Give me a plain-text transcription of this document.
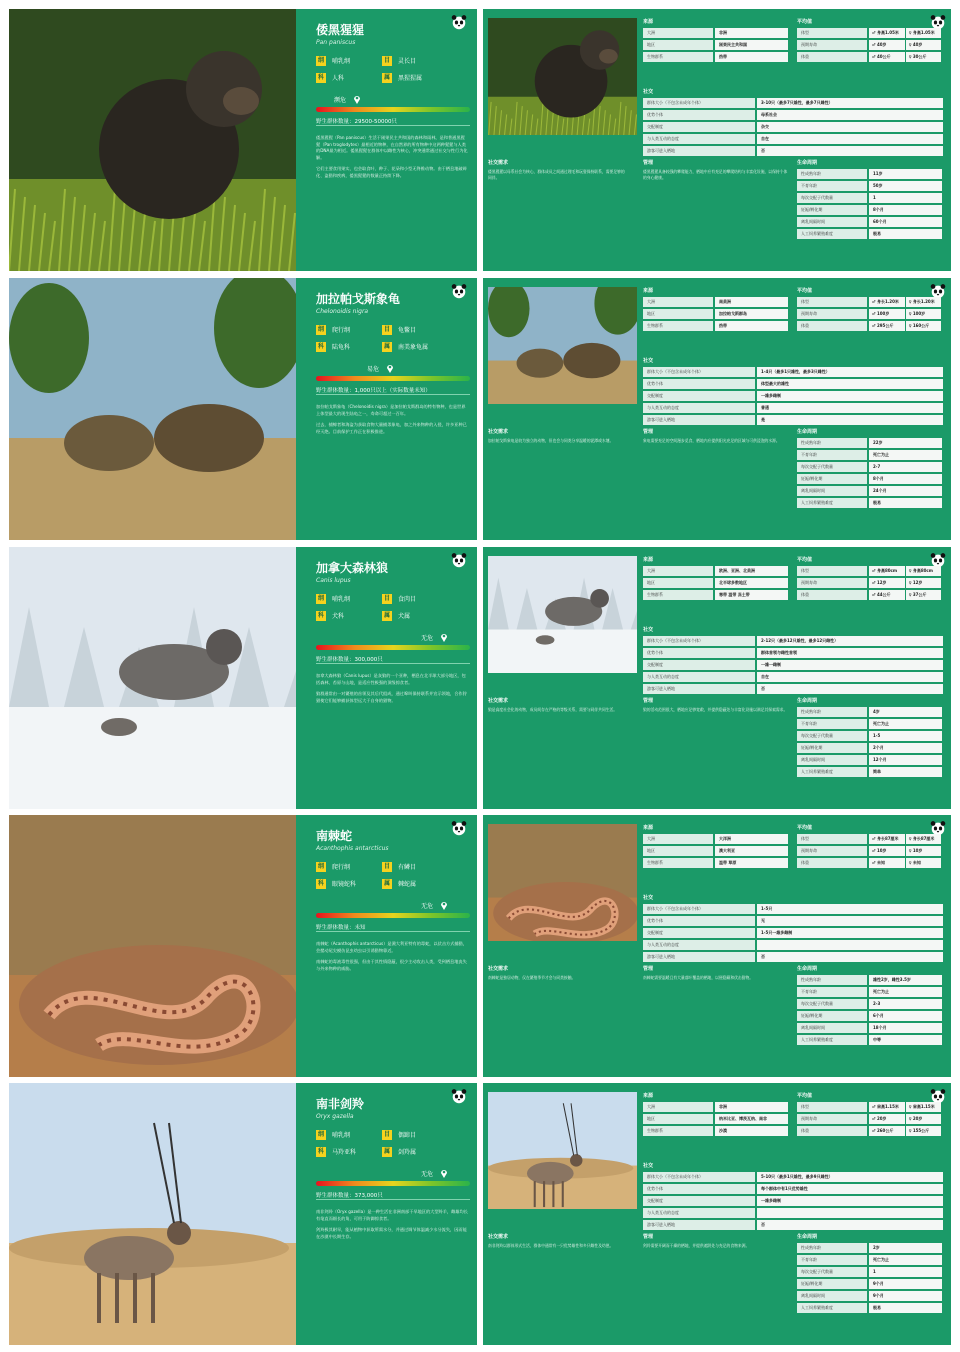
倭黑猩猩
Pan paniscus
纲	哺乳纲	目	灵长目
科	人科	属	黑猩猩属
濒危
野生群体数量：29500-50000只

倭黑猩猩（Pan paniscus）生活于刚果民主共和国的森林和雨林，是和普通黑猩猩（Pan troglodytes）最相近的物种，在自然界的所有物种中这两种猩猩与人类的DNA最为相近。倭黑猩猩在群体中以雌性为核心，冲突通常通过社交与性行为化解。

它们主要食用果实，也会取食叶、种子、花朵和小型无脊椎动物。由于栖息地破碎化、盗猎和疾病，倭黑猩猩的数量正持续下降。

来源
大洲	非洲
地区	刚果民主共和国
生物群系	热带
平均值
体型	♂ 身高1.05米	♀ 身高1.05米
预期寿命	♂ 40岁	♀ 40岁
体重	♂ 40公斤	♀ 30公斤
社交
群体大小（不包含未成年个体）	3-10只（最多7只雄性，最多7只雌性）
优势个体	母系社会
交配制度	杂交
与人类互动的态度	自在
游客可进入栖地	否
社交需求
倭黑猩猩以母系社会为核心，群体成员之间通过理毛和玩耍保持联系，需要足够的同伴。
管理
倭黑猩猩具备较强的攀爬能力，栖地中应有充足的攀爬结构与丰富化设施，以保持个体的身心健康。
生命周期
性成熟年龄	11岁
不育年龄	50岁
每次交配子代数量	1
妊娠/孵化期	8个月
离乳间隔时间	60个月
人工饲养繁殖难度	极易
加拉帕戈斯象龟
Chelonoidis nigra
纲	爬行纲	目	龟鳖目
科	陆龟科	属	南美象龟属
易危
野生群体数量：1,000只以上（实际数量未知）

加拉帕戈斯象龟（Chelonoidis nigra）是加拉帕戈斯群岛的特有物种，也是世界上体型最大的现生陆龟之一，寿命可超过一百年。

过去，捕鲸者和海盗为获取食物大量捕杀象龟，加之外来物种的入侵，许多亚种已经灭绝。目前保护工作正在积极推进。

来源
大洲	南美洲
地区	加拉帕戈斯群岛
生物群系	热带
平均值
体型	♂ 身长1.20米	♀ 身长1.20米
预期寿命	♂ 100岁	♀ 100岁
体重	♂ 295公斤	♀ 160公斤
社交
群体大小（不包含未成年个体）	1-4只（最多1只雄性，最多3只雌性）
优势个体	体型最大的雄性
交配制度	一雄多雌制
与人类互动的态度	普通
游客可进入栖地	是
社交需求
加拉帕戈斯象龟是较为独立的动物，但也会与同类分享温暖的泥潭或水塘。
管理
象龟需要充足的空间漫步觅食，栖地内应提供阳光充足的区域与可供浸泡的水源。
生命周期
性成熟年龄	22岁
不育年龄	死亡为止
每次交配子代数量	2-7
妊娠/孵化期	8个月
离乳间隔时间	24个月
人工饲养繁殖难度	极易
加拿大森林狼
Canis lupus
纲	哺乳纲	目	食肉目
科	犬科	属	犬属
无危
野生群体数量：300,000只

加拿大森林狼（Canis lupus）是灰狼的一个亚种，栖息在北半球大部分地区，包括森林、苔原与山地，是适应性极强的顶级掠食者。

狼群通常由一对繁殖的首领及其后代组成，通过嗥叫保持联系并宣示领地，合作狩猎使它们能够捕获体型远大于自身的猎物。

来源
大洲	欧洲、亚洲、北美洲
地区	北半球多数地区
生物群系	寒带 温带 冻土带
平均值
体型	♂ 身高80cm	♀ 身高80cm
预期寿命	♂ 12岁	♀ 12岁
体重	♂ 44公斤	♀ 37公斤
社交
群体大小（不包含未成年个体）	2-12只（最多12只雄性，最多12只雌性）
优势个体	群体首领与雌性首领
交配制度	一雄一雌制
与人类互动的态度	自在
游客可进入栖地	否
社交需求
狼是高度社会化的动物，成员间存在严格的等级关系，需要与同伴共同生活。
管理
狼的活动范围很大，栖地应足够宽敞，并提供隐蔽处与丰富化设施以满足其探索需求。
生命周期
性成熟年龄	4岁
不育年龄	死亡为止
每次交配子代数量	1-5
妊娠/孵化期	2个月
离乳间隔时间	12个月
人工饲养繁殖难度	简单
南棘蛇
Acanthophis antarcticus
纲	爬行纲	目	有鳞目
科	眼镜蛇科	属	棘蛇属
无危
野生群体数量：未知

南棘蛇（Acanthophis antarcticus）是澳大利亚特有的毒蛇，以伏击方式捕猎，会摆动尾尖模仿昆虫幼虫以引诱猎物靠近。

南棘蛇的毒液毒性很强，但由于其性情隐蔽，很少主动攻击人类，受到栖息地丧失与外来物种的威胁。

来源
大洲	大洋洲
地区	澳大利亚
生物群系	温带 草原
平均值
体型	♂ 身长87厘米	♀ 身长87厘米
预期寿命	♂ 10岁	♀ 10岁
体重	♂ 未知	♀ 未知
社交
群体大小（不包含未成年个体）	1-5只
优势个体	无
交配制度	1-5只一雄多雌制
与人类互动的态度
游客可进入栖地	否
社交需求
南棘蛇是独居动物，仅在繁殖季节才会与同类接触。
管理
南棘蛇需要温暖且有大量落叶覆盖的栖地，以便隐藏和伏击猎物。
生命周期
性成熟年龄	雄性2岁，雌性3.5岁
不育年龄	死亡为止
每次交配子代数量	2-3
妊娠/孵化期	6个月
离乳间隔时间	18个月
人工饲养繁殖难度	中等
南非剑羚
Oryx gazella
纲	哺乳纲	目	偶蹄目
科	马羚亚科	属	剑羚属
无危
野生群体数量：373,000只

南非剑羚（Oryx gazella）是一种生活在非洲南部干旱地区的大型羚羊，雌雄均长有笔直而细长的角，可用于防御掠食者。

剑羚极其耐旱，能从植物中获取所需水分，并通过调节体温减少水分流失，因而能在沙漠中长期生存。

来源
大洲	非洲
地区	纳米比亚、博茨瓦纳、南非
生物群系	沙漠
平均值
体型	♂ 肩高1.15米	♀ 肩高1.15米
预期寿命	♂ 20岁	♀ 20岁
体重	♂ 260公斤	♀ 155公斤
社交
群体大小（不包含未成年个体）	5-10只（最多1只雄性，最多9只雌性）
优势个体	每个群体中有1只优势雄性
交配制度	一雄多雌制
与人类互动的态度
游客可进入栖地	否
社交需求
南非剑羚以群体形式生活，群体中通常有一只优势雄性和多只雌性及幼崽。
管理
剑羚需要开阔而干燥的栖地，并提供遮阴处与充足的食物来源。
生命周期
性成熟年龄	2岁
不育年龄	死亡为止
每次交配子代数量	1
妊娠/孵化期	9个月
离乳间隔时间	9个月
人工饲养繁殖难度	极易
